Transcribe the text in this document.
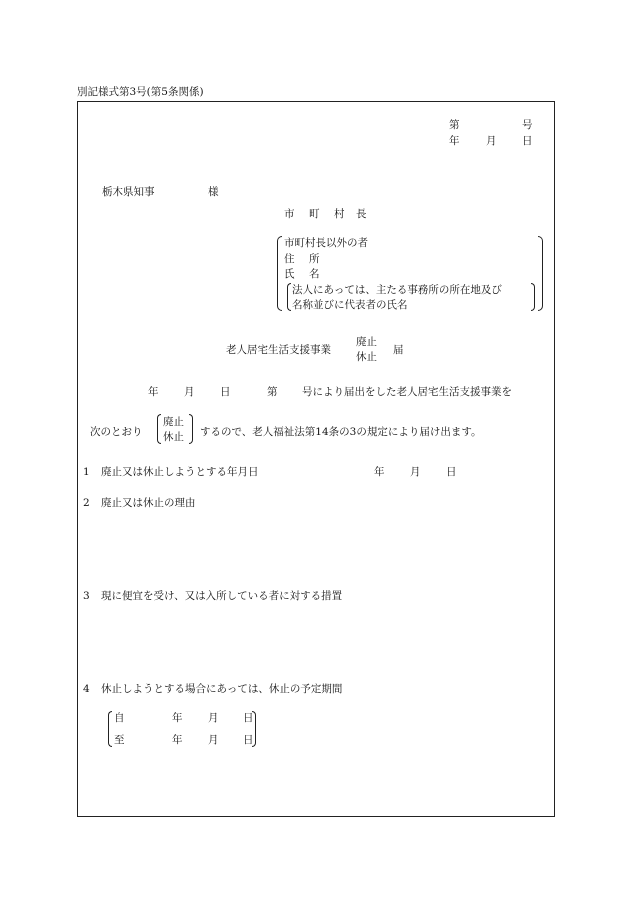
別記様式第3号(第5条関係)
第	号
年	月 日
栃木県知事	様
市 町 村 長
市町村長以外の者
住 所
氏 名
法人にあっては、主たる事務所の所在地及び
名称並びに代表者の氏名
老人居宅生活支援事業
廃止
休止
届
年 月 日	第 号により届出をした老人居宅生活支援事業を
次のとおり
廃止
休止 するので、老人福祉法第14条の3の規定により届け出ます。
1 廃止又は休止しようとする年月日	年 月 日
2 廃止又は休止の理由
3 現に便宜を受け、又は入所している者に対する措置
4 休止しようとする場合にあっては、休止の予定期間
自	年 月 日
至	年 月 日
